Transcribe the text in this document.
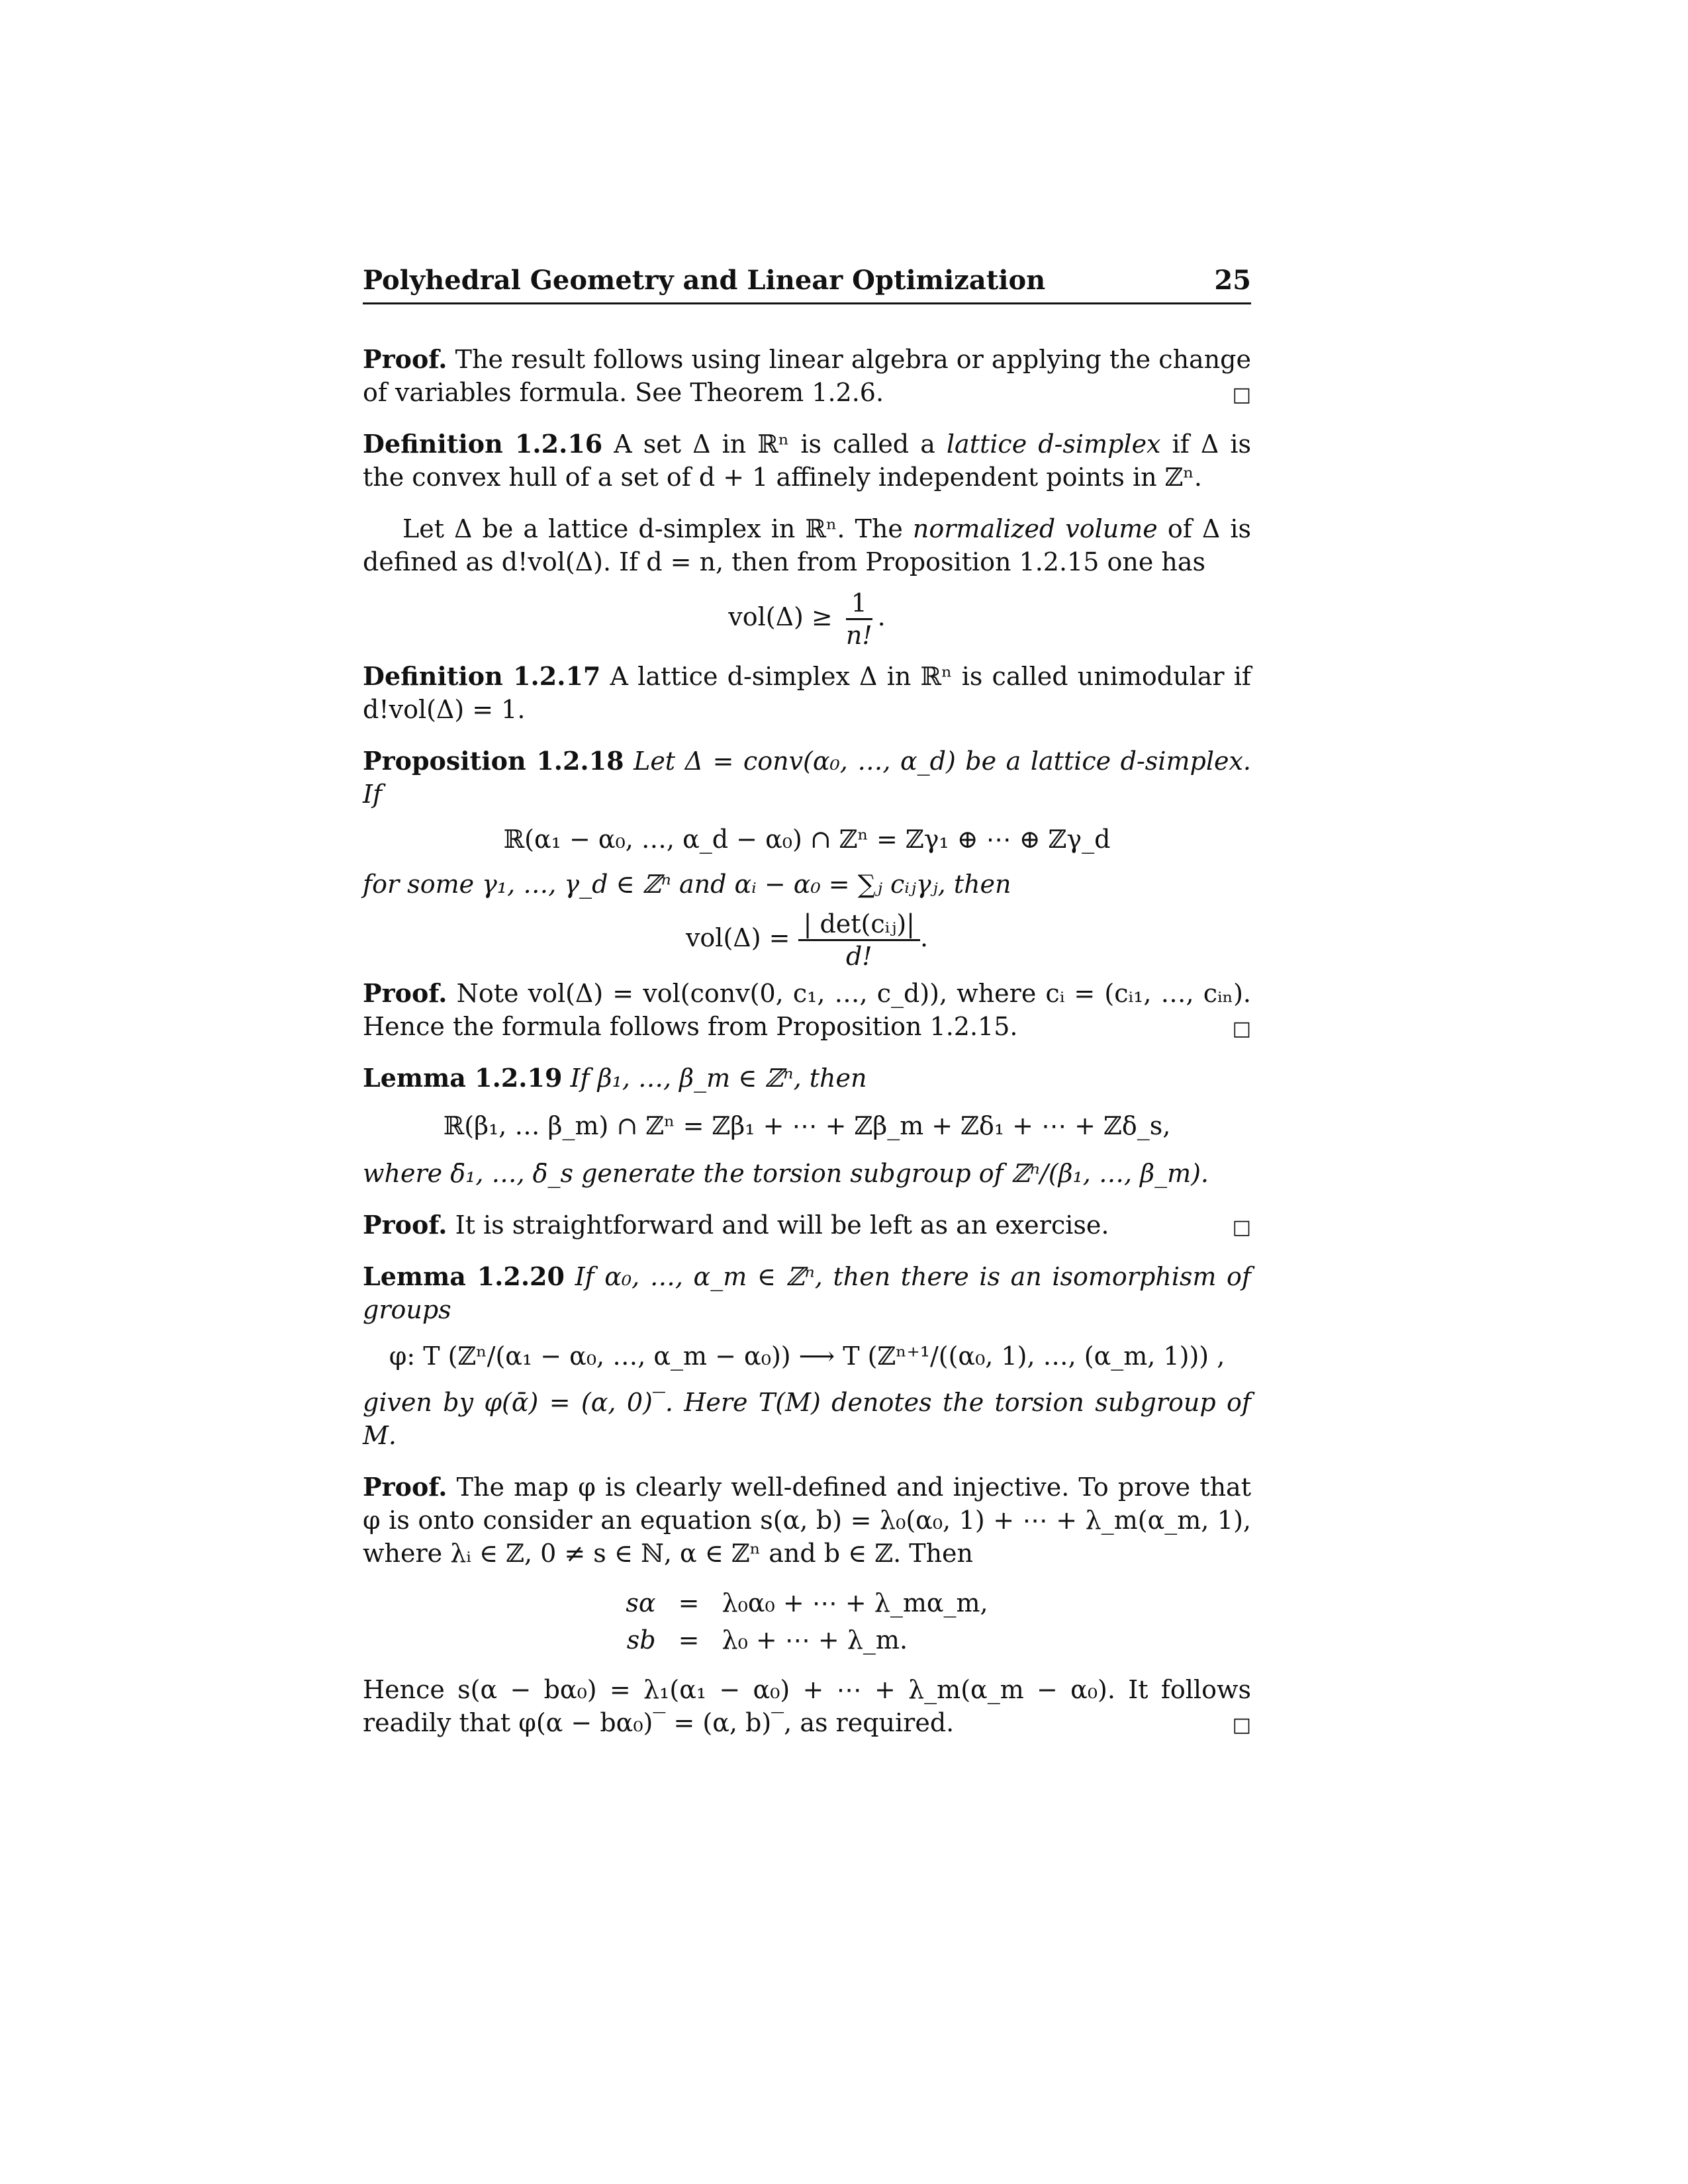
Polyhedral Geometry and Linear Optimization	25
Proof. The result follows using linear algebra or applying the change of variables formula. See Theorem 1.2.6.	□
Definition 1.2.16 A set Δ in ℝⁿ is called a lattice d-simplex if Δ is the convex hull of a set of d + 1 affinely independent points in ℤⁿ.
Let Δ be a lattice d-simplex in ℝⁿ. The normalized volume of Δ is defined as d!vol(Δ). If d = n, then from Proposition 1.2.15 one has
$vol(\Delta) \ge \frac{1}{n!}$ .
Definition 1.2.17 A lattice d-simplex Δ in ℝⁿ is called unimodular if d!vol(Δ) = 1.
Proposition 1.2.18 Let Δ = conv(α₀, …, α_d) be a lattice d-simplex. If
ℝ(α₁ − α₀, …, α_d − α₀) ∩ ℤⁿ = ℤγ₁ ⊕ ⋯ ⊕ ℤγ_d
for some γ₁, …, γ_d ∈ ℤⁿ and αᵢ − α₀ = ∑ⱼ cᵢⱼγⱼ, then
$vol(\Delta) = \frac{\text{| det(cᵢⱼ)|}}{d!}$ .
Proof. Note vol(Δ) = vol(conv(0, c₁, …, c_d)), where cᵢ = (cᵢ₁, …, cᵢₙ). Hence the formula follows from Proposition 1.2.15.	□
Lemma 1.2.19 If β₁, …, β_m ∈ ℤⁿ, then
ℝ(β₁, … β_m) ∩ ℤⁿ = ℤβ₁ + ⋯ + ℤβ_m + ℤδ₁ + ⋯ + ℤδ_s,
where δ̄₁, …, δ̄_s generate the torsion subgroup of ℤⁿ/(β₁, …, β_m).
Proof. It is straightforward and will be left as an exercise.	□
Lemma 1.2.20 If α₀, …, α_m ∈ ℤⁿ, then there is an isomorphism of groups
φ: T (ℤⁿ/(α₁ − α₀, …, α_m − α₀)) ⟶ T (ℤⁿ⁺¹/((α₀, 1), …, (α_m, 1))) ,
given by φ(ᾱ) = (α, 0)‾. Here T(M) denotes the torsion subgroup of M.
Proof. The map φ is clearly well-defined and injective. To prove that φ is onto consider an equation s(α, b) = λ₀(α₀, 1) + ⋯ + λ_m(α_m, 1), where λᵢ ∈ ℤ, 0 ≠ s ∈ ℕ, α ∈ ℤⁿ and b ∈ ℤ. Then
sα = λ₀α₀ + ⋯ + λ_mα_m,
sb = λ₀ + ⋯ + λ_m.
Hence s(α − bα₀) = λ₁(α₁ − α₀) + ⋯ + λ_m(α_m − α₀). It follows readily that φ(α − bα₀)‾ = (α, b)‾, as required.	□
